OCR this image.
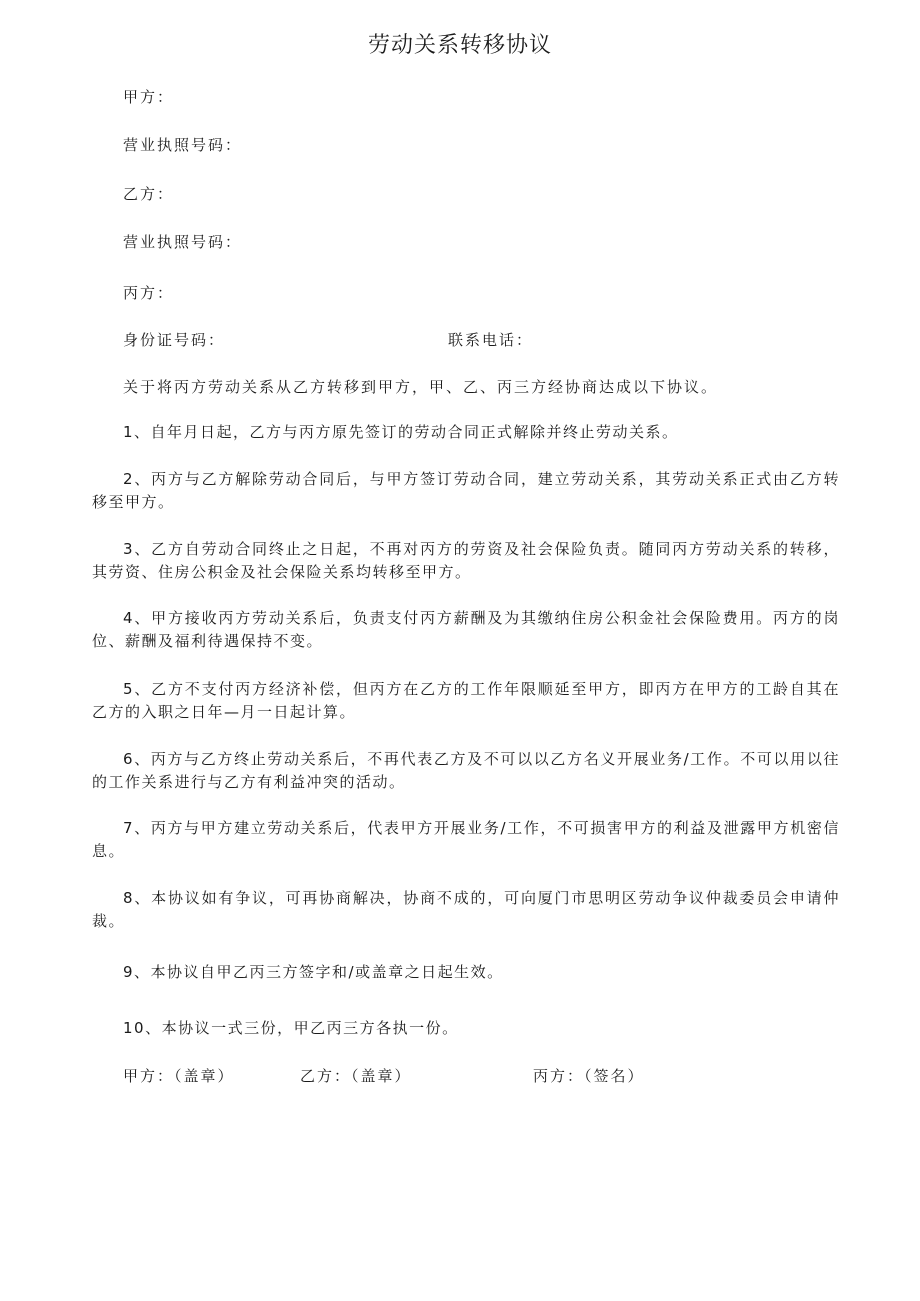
劳动关系转移协议
甲方：
营业执照号码：
乙方：
营业执照号码：
丙方：
身份证号码：	联系电话：
关于将丙方劳动关系从乙方转移到甲方，甲、乙、丙三方经协商达成以下协议。
1、自年月日起，乙方与丙方原先签订的劳动合同正式解除并终止劳动关系。
2、丙方与乙方解除劳动合同后，与甲方签订劳动合同，建立劳动关系，其劳动关系正式由乙方转移至甲方。
3、乙方自劳动合同终止之日起，不再对丙方的劳资及社会保险负责。随同丙方劳动关系的转移，其劳资、住房公积金及社会保险关系均转移至甲方。
4、甲方接收丙方劳动关系后，负责支付丙方薪酬及为其缴纳住房公积金社会保险费用。丙方的岗位、薪酬及福利待遇保持不变。
5、乙方不支付丙方经济补偿，但丙方在乙方的工作年限顺延至甲方，即丙方在甲方的工龄自其在乙方的入职之日年—月一日起计算。
6、丙方与乙方终止劳动关系后，不再代表乙方及不可以以乙方名义开展业务/工作。不可以用以往的工作关系进行与乙方有利益冲突的活动。
7、丙方与甲方建立劳动关系后，代表甲方开展业务/工作，不可损害甲方的利益及泄露甲方机密信息。
8、本协议如有争议，可再协商解决，协商不成的，可向厦门市思明区劳动争议仲裁委员会申请仲裁。
9、本协议自甲乙丙三方签字和/或盖章之日起生效。
10、本协议一式三份，甲乙丙三方各执一份。
甲方：（盖章）	乙方：（盖章）	丙方：（签名）
